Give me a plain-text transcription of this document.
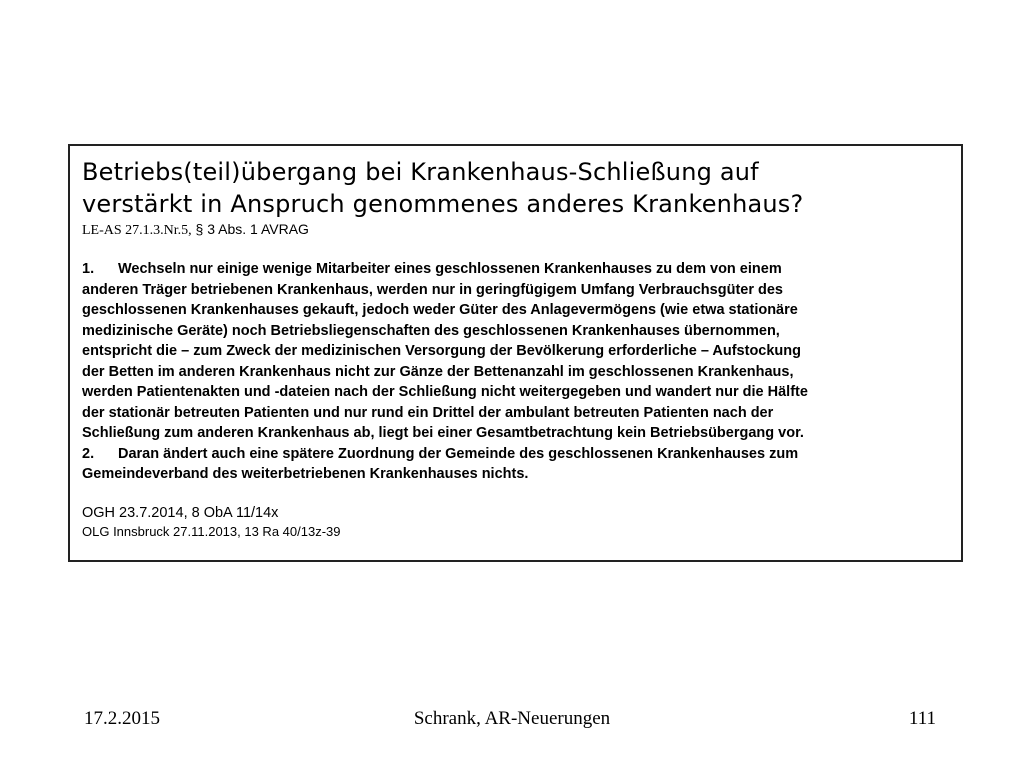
Betriebs(teil)übergang bei Krankenhaus-Schließung auf

verstärkt in Anspruch genommenes anderes Krankenhaus?

LE-AS 27.1.3.Nr.5, § 3 Abs. 1 AVRAG

1. Wechseln nur einige wenige Mitarbeiter eines geschlossenen Krankenhauses zu dem von einem

anderen Träger betriebenen Krankenhaus, werden nur in geringfügigem Umfang Verbrauchsgüter des

geschlossenen Krankenhauses gekauft, jedoch weder Güter des Anlagevermögens (wie etwa stationäre

medizinische Geräte) noch Betriebsliegenschaften des geschlossenen Krankenhauses übernommen,

entspricht die – zum Zweck der medizinischen Versorgung der Bevölkerung erforderliche – Aufstockung

der Betten im anderen Krankenhaus nicht zur Gänze der Bettenanzahl im geschlossenen Krankenhaus,

werden Patientenakten und -dateien nach der Schließung nicht weitergegeben und wandert nur die Hälfte

der stationär betreuten Patienten und nur rund ein Drittel der ambulant betreuten Patienten nach der

Schließung zum anderen Krankenhaus ab, liegt bei einer Gesamtbetrachtung kein Betriebsübergang vor.

2. Daran ändert auch eine spätere Zuordnung der Gemeinde des geschlossenen Krankenhauses zum

Gemeindeverband des weiterbetriebenen Krankenhauses nichts.

OGH 23.7.2014, 8 ObA 11/14x

OLG Innsbruck 27.11.2013, 13 Ra 40/13z-39

17.2.2015	Schrank, AR-Neuerungen	111
